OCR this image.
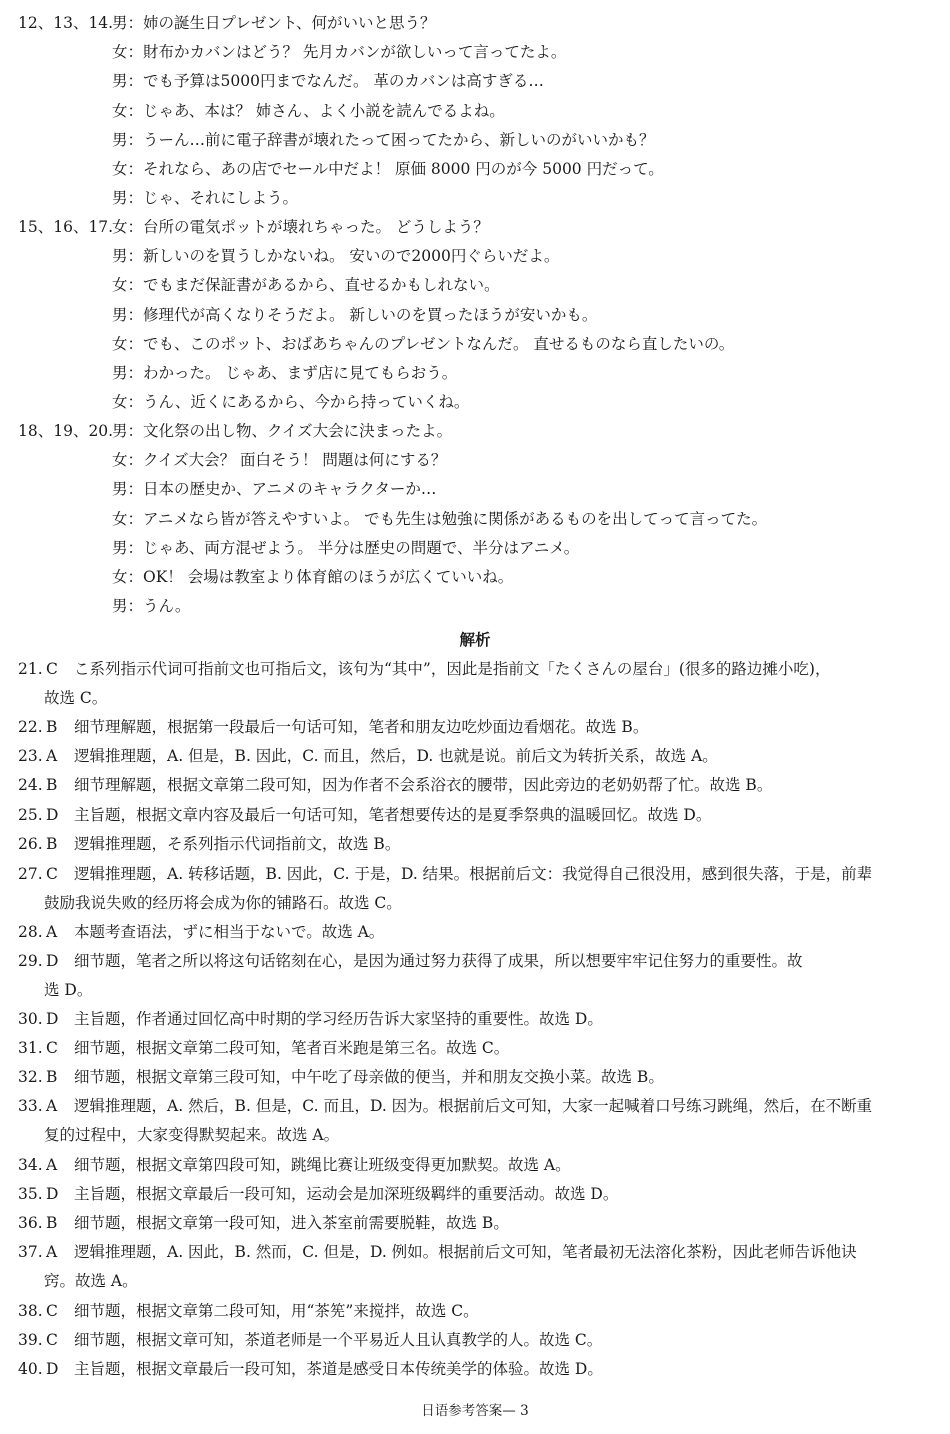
12、13、14.
男：姉の誕生日プレゼント、何がいいと思う？
女：財布かカバンはどう？ 先月カバンが欲しいって言ってたよ。
男：でも予算は5000円までなんだ。 革のカバンは高すぎる…
女：じゃあ、本は？ 姉さん、よく小説を読んでるよね。
男：うーん…前に電子辞書が壊れたって困ってたから、新しいのがいいかも？
女：それなら、あの店でセール中だよ！ 原価 8000 円のが今 5000 円だって。
男：じゃ、それにしよう。
15、16、17.
女：台所の電気ポットが壊れちゃった。 どうしよう？
男：新しいのを買うしかないね。 安いので2000円ぐらいだよ。
女：でもまだ保証書があるから、直せるかもしれない。
男：修理代が高くなりそうだよ。 新しいのを買ったほうが安いかも。
女：でも、このポット、おばあちゃんのプレゼントなんだ。 直せるものなら直したいの。
男：わかった。 じゃあ、まず店に見てもらおう。
女：うん、近くにあるから、今から持っていくね。
18、19、20.
男：文化祭の出し物、クイズ大会に決まったよ。
女：クイズ大会？ 面白そう！ 問題は何にする？
男：日本の歴史か、アニメのキャラクターか…
女：アニメなら皆が答えやすいよ。 でも先生は勉強に関係があるものを出してって言ってた。
男：じゃあ、両方混ぜよう。 半分は歴史の問題で、半分はアニメ。
女：OK！ 会場は教室より体育館のほうが広くていいね。
男：うん。
解析
21. C こ系列指示代词可指前文也可指后文，该句为“其中”，因此是指前文「たくさんの屋台」(很多的路边摊小吃)，
故选 C。
22. B 细节理解题，根据第一段最后一句话可知，笔者和朋友边吃炒面边看烟花。故选 B。
23. A 逻辑推理题，A. 但是，B. 因此，C. 而且，然后，D. 也就是说。前后文为转折关系，故选 A。
24. B 细节理解题，根据文章第二段可知，因为作者不会系浴衣的腰带，因此旁边的老奶奶帮了忙。故选 B。
25. D 主旨题，根据文章内容及最后一句话可知，笔者想要传达的是夏季祭典的温暖回忆。故选 D。
26. B 逻辑推理题，そ系列指示代词指前文，故选 B。
27. C 逻辑推理题，A. 转移话题，B. 因此，C. 于是，D. 结果。根据前后文：我觉得自己很没用，感到很失落，于是，前辈
鼓励我说失败的经历将会成为你的铺路石。故选 C。
28. A 本题考查语法，ずに相当于ないで。故选 A。
29. D 细节题，笔者之所以将这句话铭刻在心，是因为通过努力获得了成果，所以想要牢牢记住努力的重要性。故
选 D。
30. D 主旨题，作者通过回忆高中时期的学习经历告诉大家坚持的重要性。故选 D。
31. C 细节题，根据文章第二段可知，笔者百米跑是第三名。故选 C。
32. B 细节题，根据文章第三段可知，中午吃了母亲做的便当，并和朋友交换小菜。故选 B。
33. A 逻辑推理题，A. 然后，B. 但是，C. 而且，D. 因为。根据前后文可知，大家一起喊着口号练习跳绳，然后，在不断重
复的过程中，大家变得默契起来。故选 A。
34. A 细节题，根据文章第四段可知，跳绳比赛让班级变得更加默契。故选 A。
35. D 主旨题，根据文章最后一段可知，运动会是加深班级羁绊的重要活动。故选 D。
36. B 细节题，根据文章第一段可知，进入茶室前需要脱鞋，故选 B。
37. A 逻辑推理题，A. 因此，B. 然而，C. 但是，D. 例如。根据前后文可知，笔者最初无法溶化茶粉，因此老师告诉他诀
窍。故选 A。
38. C 细节题，根据文章第二段可知，用“茶筅”来搅拌，故选 C。
39. C 细节题，根据文章可知，茶道老师是一个平易近人且认真教学的人。故选 C。
40. D 主旨题，根据文章最后一段可知，茶道是感受日本传统美学的体验。故选 D。
日语参考答案— 3
